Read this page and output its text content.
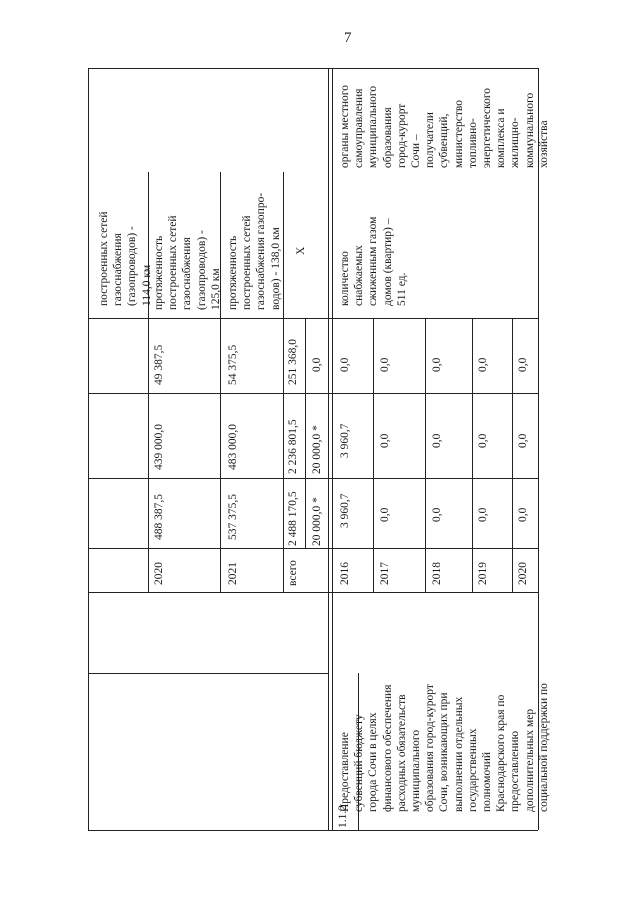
7
построенных сетей
газоснабжения
(газопроводов) -
114,0 км
2020
488 387,5
439 000,0
49 387,5
протяженность
построенных сетей
газоснабжения
(газопроводов) -
125,0 км
2021
537 375,5
483 000,0
54 375,5
протяженность
построенных сетей
газоснабжения газопро-
водов) - 138,0 км
всего
2 488 170,5
2 236 801,5
251 368,0
Х
20 000,0 *
20 000,0 *
0,0
1.1.2
Предоставление
субвенций бюджету
города Сочи в целях
финансового обеспечения
расходных обязательств
муниципального
образования город-курорт
Сочи, возникающих при
выполнении отдельных
государственных
полномочий
Краснодарского края по
предоставлению
дополнительных мер
социальной поддержки по
2016
3 960,7
3 960,7
0,0
2017
0,0
0,0
0,0
2018
0,0
0,0
0,0
2019
0,0
0,0
0,0
2020
0,0
0,0
0,0
количество
снабжаемых
сжиженным газом
домов (квартир) –
511 ед.
органы местного
самоуправления
муниципального
образования
город-курорт
Сочи –
получатели
субвенций,
министерство
топливно-
энергетического
комплекса и
жилищно-
коммунального
хозяйства
